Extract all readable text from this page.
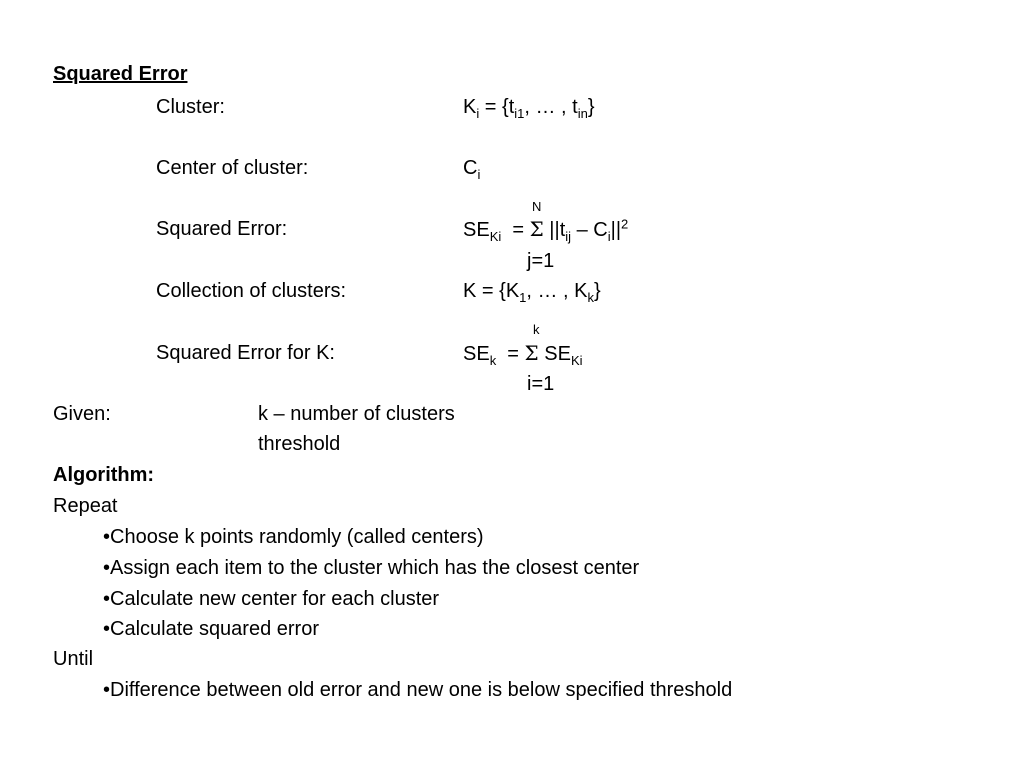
Squared Error
Cluster:	$K_i = \{t_{i1}$, … , $t_{in}$}
Center of cluster:	$C_i$
N
Squared Error:	$SE_{Ki} = \Sigma$ $||t_{ij} - C_i||^2$
j=1
Collection of clusters:	$K = \{K_1$, … , $K_k$}
k
Squared Error for K:	$SE_k = \Sigma$ $SE_{Ki}$
i=1
Given:	k – number of clusters
threshold
Algorithm:
Repeat
•Choose k points randomly (called centers)
•Assign each item to the cluster which has the closest center
•Calculate new center for each cluster
•Calculate squared error
Until
•Difference between old error and new one is below specified threshold
